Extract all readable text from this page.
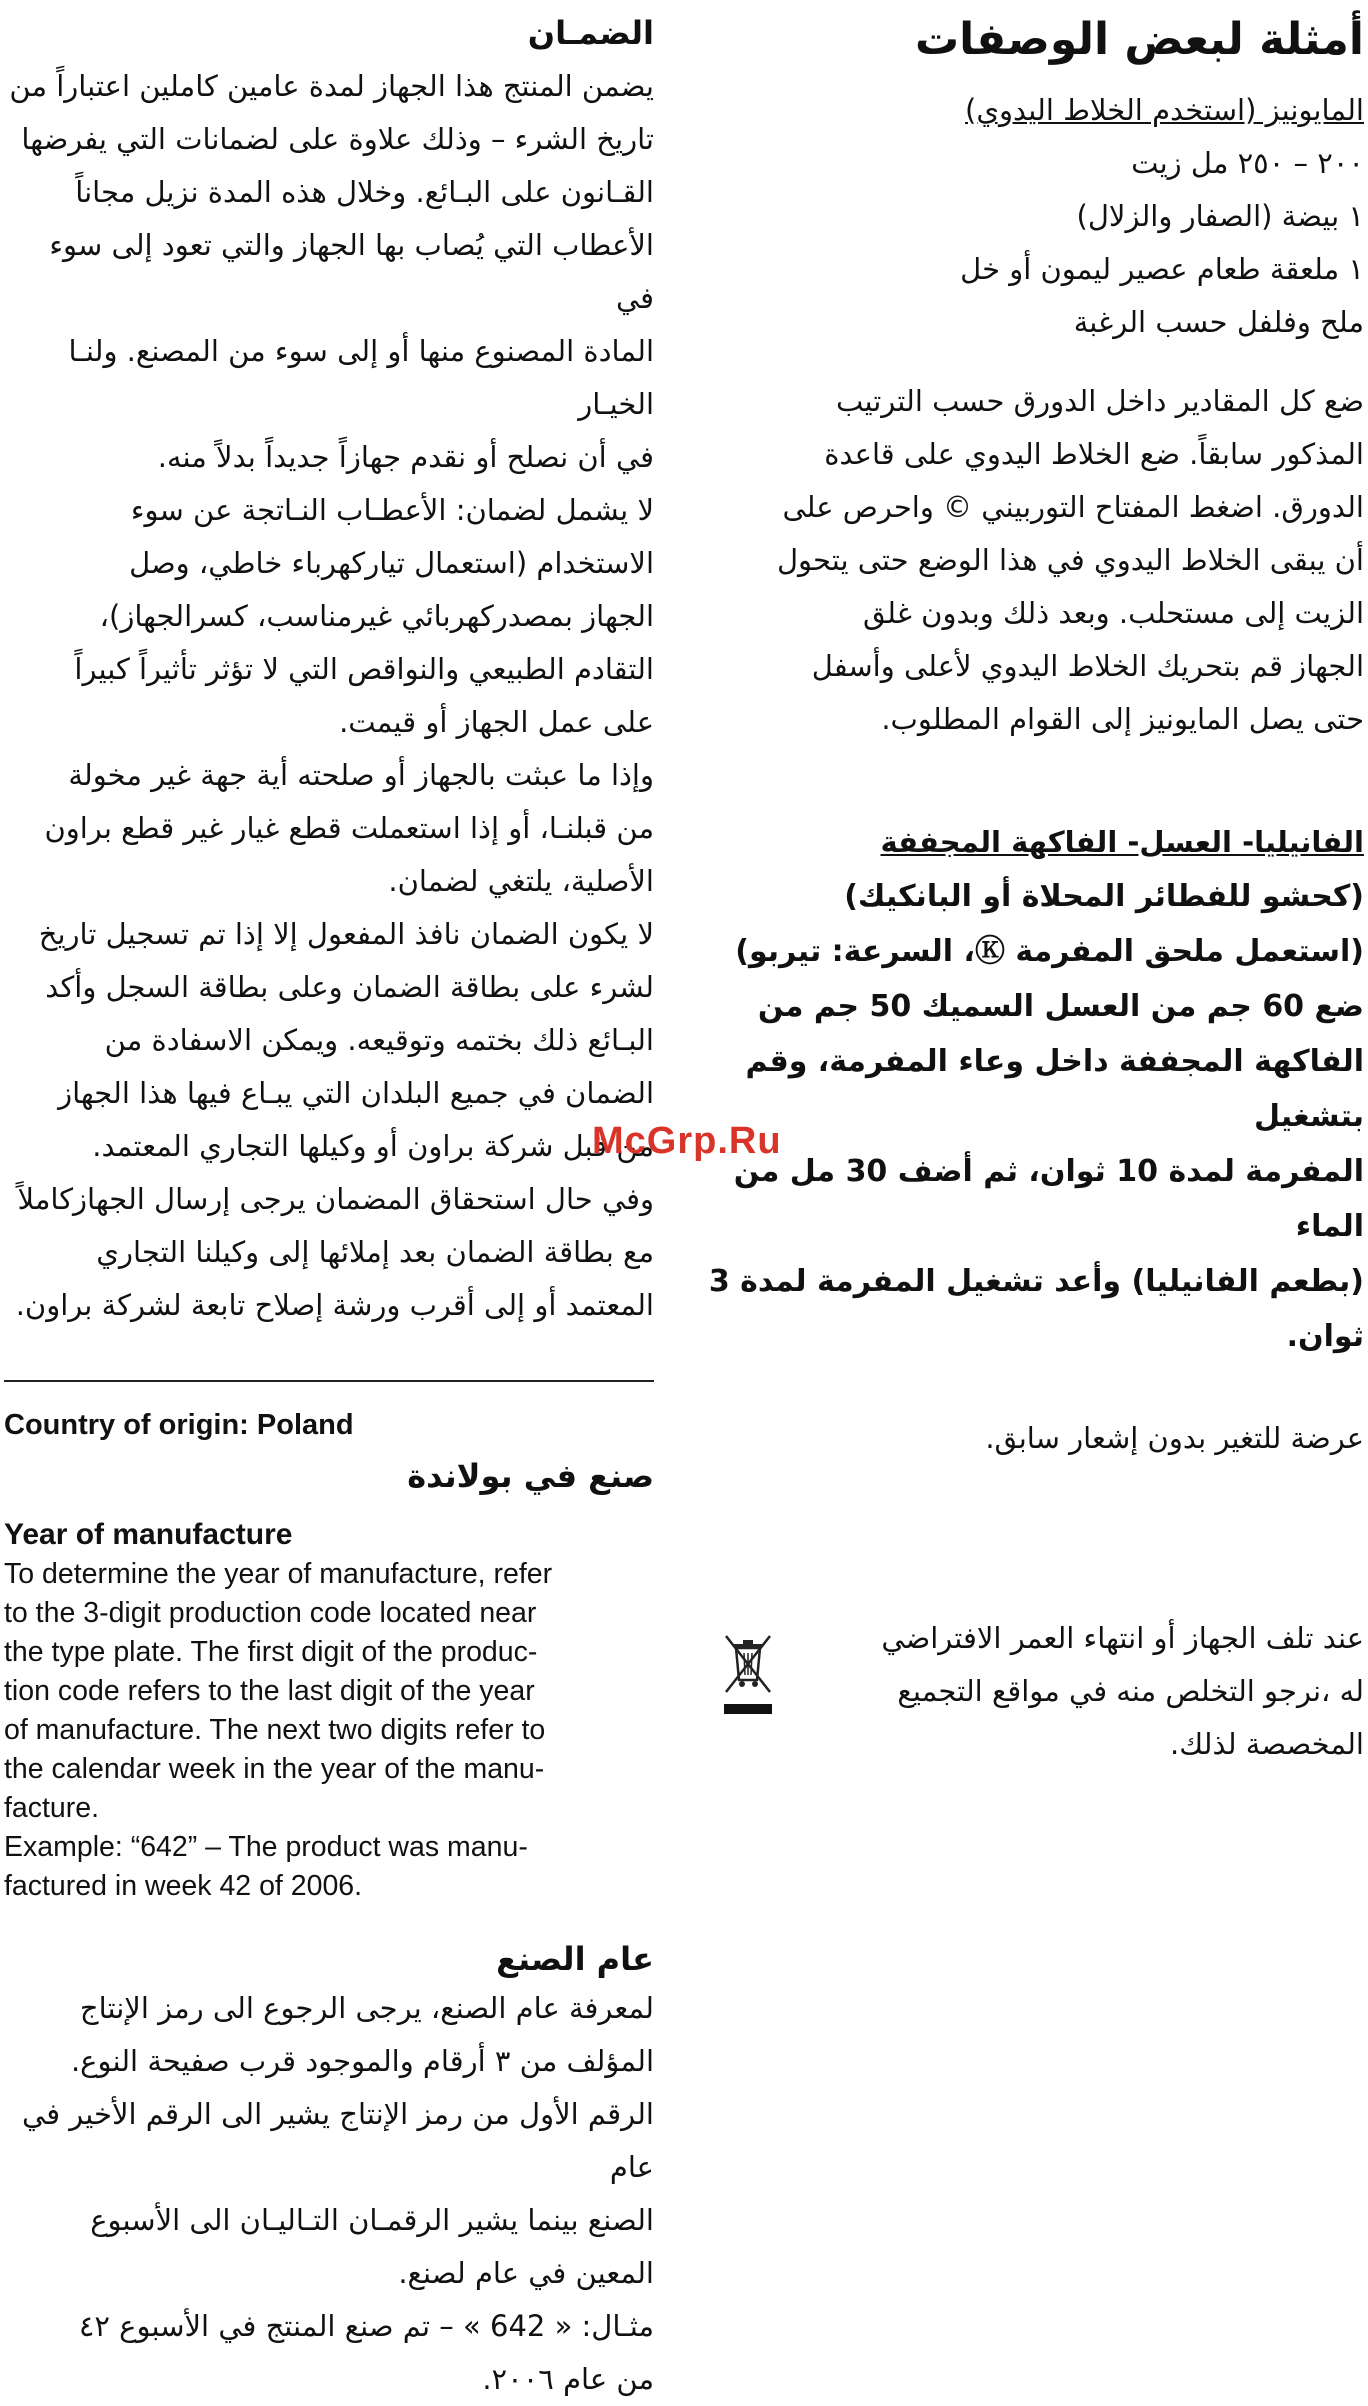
الضمـان

يضمن المنتج هذا الجهاز لمدة عامين كاملين اعتباراً من

تاريخ الشرء – وذلك علاوة على لضمانات التي يفرضها

القـانون على البـائع. وخلال هذه المدة نزيل مجاناً

الأعطاب التي يُصاب بها الجهاز والتي تعود إلى سوء في

المادة المصنوع منها أو إلى سوء من المصنع. ولنـا الخيـار

في أن نصلح أو نقدم جهازاً جديداً بدلاً منه.

لا يشمل لضمان: الأعطـاب النـاتجة عن سوء

الاستخدام (استعمال تياركهرباء خاطي، وصل

الجهاز بمصدركهربائي غيرمناسب، كسرالجهاز)،

التقادم الطبيعي والنواقص التي لا تؤثر تأثيراً كبيراً

على عمل الجهاز أو قيمت.

وإذا ما عبثت بالجهاز أو صلحته أية جهة غير مخولة

من قبلنـا، أو إذا استعملت قطع غيار غير قطع براون

الأصلية، يلتغي لضمان.

لا يكون الضمان نافذ المفعول إلا إذا تم تسجيل تاريخ

لشرء على بطاقة الضمان وعلى بطاقة السجل وأكد

البـائع ذلك بختمه وتوقيعه. ويمكن الاسفادة من

الضمان في جميع البلدان التي يبـاع فيها هذا الجهاز

من قبل شركة براون أو وكيلها التجاري المعتمد.

وفي حال استحقاق المضمان يرجى إرسال الجهازكاملاً

مع بطاقة الضمان بعد إملائها إلى وكيلنا التجاري

المعتمد أو إلى أقرب ورشة إصلاح تابعة لشركة براون.

Country of origin: Poland

صنع في بولاندة

Year of manufacture

To determine the year of manufacture, refer

to the 3-digit production code located near

the type plate. The first digit of the produc-

tion code refers to the last digit of the year

of manufacture. The next two digits refer to

the calendar week in the year of the manu-

facture.

Example: “642” – The product was manu-

factured in week 42 of 2006.

عام الصنع

لمعرفة عام الصنع، يرجى الرجوع الى رمز الإنتاج

المؤلف من ٣ أرقام والموجود قرب صفيحة النوع.

الرقم الأول من رمز الإنتاج يشير الى الرقم الأخير في عام

الصنع بينما يشير الرقمـان التـاليـان الى الأسبوع

المعين في عام لصنع.

مثـال: « 642 » – تم صنع المنتج في الأسبوع ٤٢

من عام ٢٠٠٦.

أمثلة لبعض الوصفات

المايونيز (استخدم الخلاط اليدوي)

٢٠٠ – ٢٥٠ مل زيت

١ بيضة (الصفار والزلال)

١ ملعقة طعام عصير ليمون أو خل

ملح وفلفل حسب الرغبة

ضع كل المقادير داخل الدورق حسب الترتيب

المذكور سابقاً. ضع الخلاط اليدوي على قاعدة

الدورق. اضغط المفتاح التوربيني © واحرص على

أن يبقى الخلاط اليدوي في هذا الوضع حتى يتحول

الزيت إلى مستحلب. وبعد ذلك وبدون غلق

الجهاز قم بتحريك الخلاط اليدوي لأعلى وأسفل

حتى يصل المايونيز إلى القوام المطلوب.

الفانيليا- العسل- الفاكهة المجففة

(كحشو للفطائر المحلاة أو البانكيك)

(استعمل ملحق المفرمة Ⓚ، السرعة: تيربو)

ضع 60 جم من العسل السميك 50 جم من

الفاكهة المجففة داخل وعاء المفرمة، وقم بتشغيل

المفرمة لمدة 10 ثوان، ثم أضف 30 مل من الماء

(بطعم الفانيليا) وأعد تشغيل المفرمة لمدة 3 ثوان.

McGrp.Ru

عرضة للتغير بدون إشعار سابق.

عند تلف الجهاز أو انتهاء العمر الافتراضي

له ،نرجو التخلص منه في مواقع التجميع

المخصصة لذلك.
